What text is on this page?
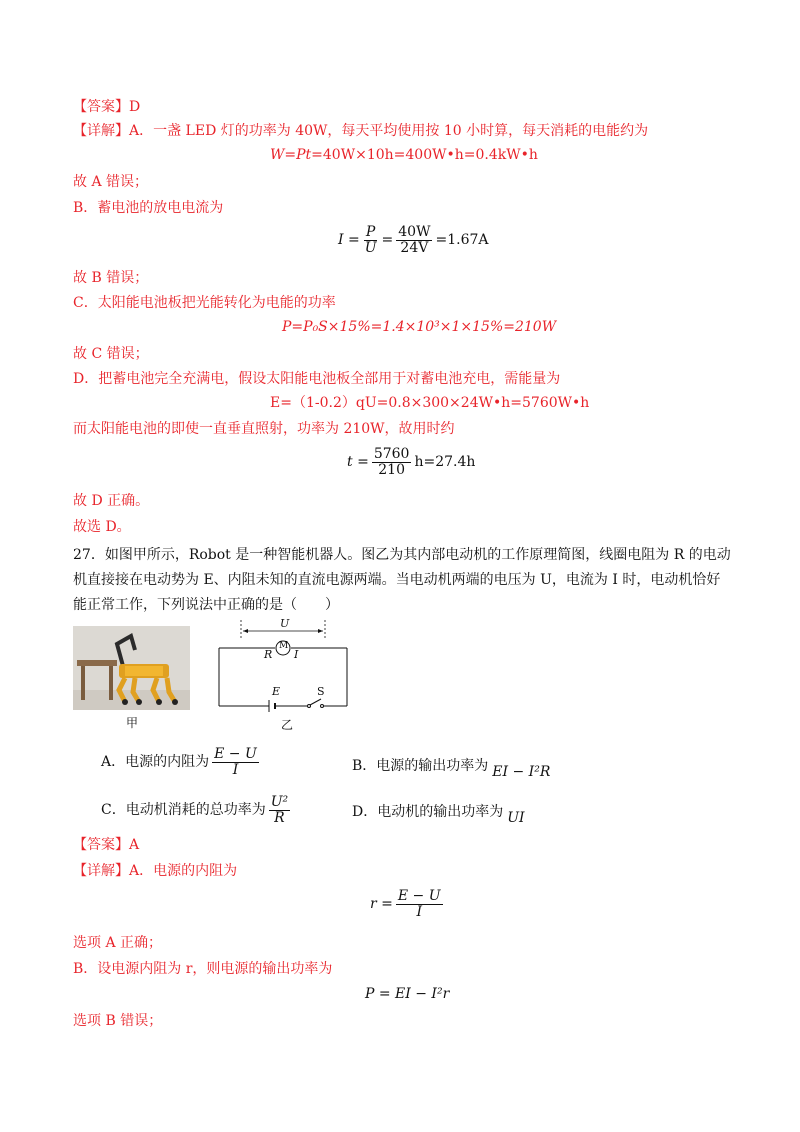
【答案】D
【详解】A．一盏 LED 灯的功率为 40W，每天平均使用按 10 小时算，每天消耗的电能约为
W=Pt=40W×10h=400W•h=0.4kW•h
故 A 错误；
B．蓄电池的放电电流为
$I = \frac{P}{U} = \frac{40W}{24V} =1.67A$
故 B 错误；
C．太阳能电池板把光能转化为电能的功率
P=P₀S×15%=1.4×10³×1×15%=210W
故 C 错误；
D．把蓄电池完全充满电，假设太阳能电池板全部用于对蓄电池充电，需能量为
E=（1-0.2）qU=0.8×300×24W•h=5760W•h
而太阳能电池的即使一直垂直照射，功率为 210W，故用时约
$t = \frac{5760}{210} h=27.4h$
故 D 正确。
故选 D。
27．如图甲所示，Robot 是一种智能机器人。图乙为其内部电动机的工作原理简图，线圈电阻为 R 的电动
机直接接在电动势为 E、内阻未知的直流电源两端。当电动机两端的电压为 U，电流为 I 时，电动机恰好
能正常工作，下列说法中正确的是（　　）
甲
U
M
R I
E	S
乙
A．电源的内阻为 $\frac{E - U}{I}$	B．电源的输出功率为 EI − I²R
C．电动机消耗的总功率为 $\frac{\text{U²}}{R}$	D．电动机的输出功率为 UI
【答案】A
【详解】A．电源的内阻为
$r = \frac{E - U}{I}$
选项 A 正确；
B．设电源内阻为 r，则电源的输出功率为
P = EI − I²r
选项 B 错误；
